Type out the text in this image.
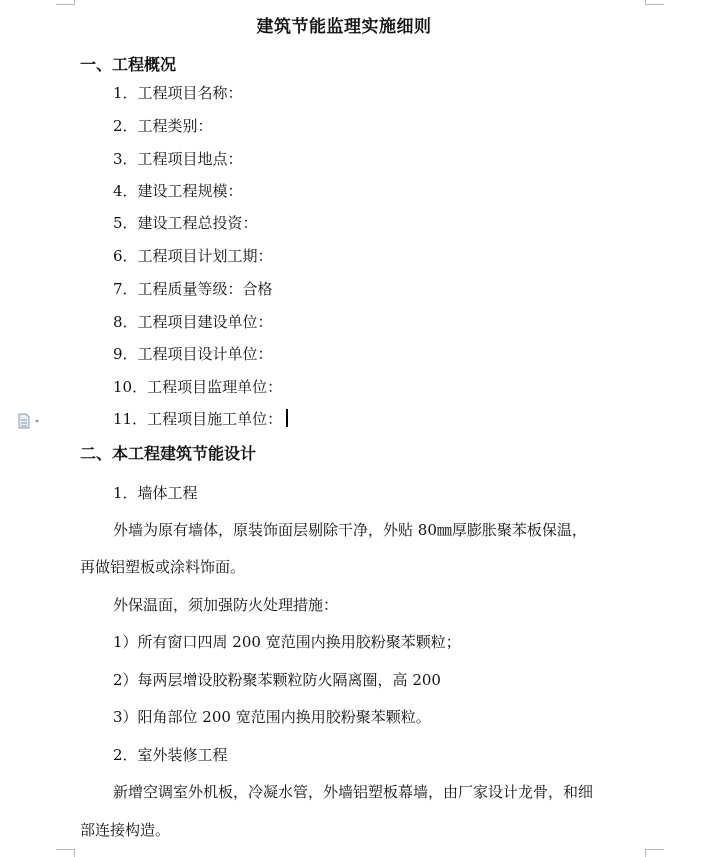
建筑节能监理实施细则
一、工程概况
1．工程项目名称：
2．工程类别：
3．工程项目地点：
4．建设工程规模：
5．建设工程总投资：
6．工程项目计划工期：
7．工程质量等级：合格
8．工程项目建设单位：
9．工程项目设计单位：
10．工程项目监理单位：
11．工程项目施工单位：
二、本工程建筑节能设计
1．墙体工程
外墙为原有墙体，原装饰面层剔除干净，外贴 80㎜厚膨胀聚苯板保温，
再做铝塑板或涂料饰面。
外保温面，须加强防火处理措施：
1）所有窗口四周 200 宽范围内换用胶粉聚苯颗粒；
2）每两层增设胶粉聚苯颗粒防火隔离圈，高 200
3）阳角部位 200 宽范围内换用胶粉聚苯颗粒。
2．室外装修工程
新增空调室外机板，冷凝水管，外墙铝塑板幕墙，由厂家设计龙骨，和细
部连接构造。
